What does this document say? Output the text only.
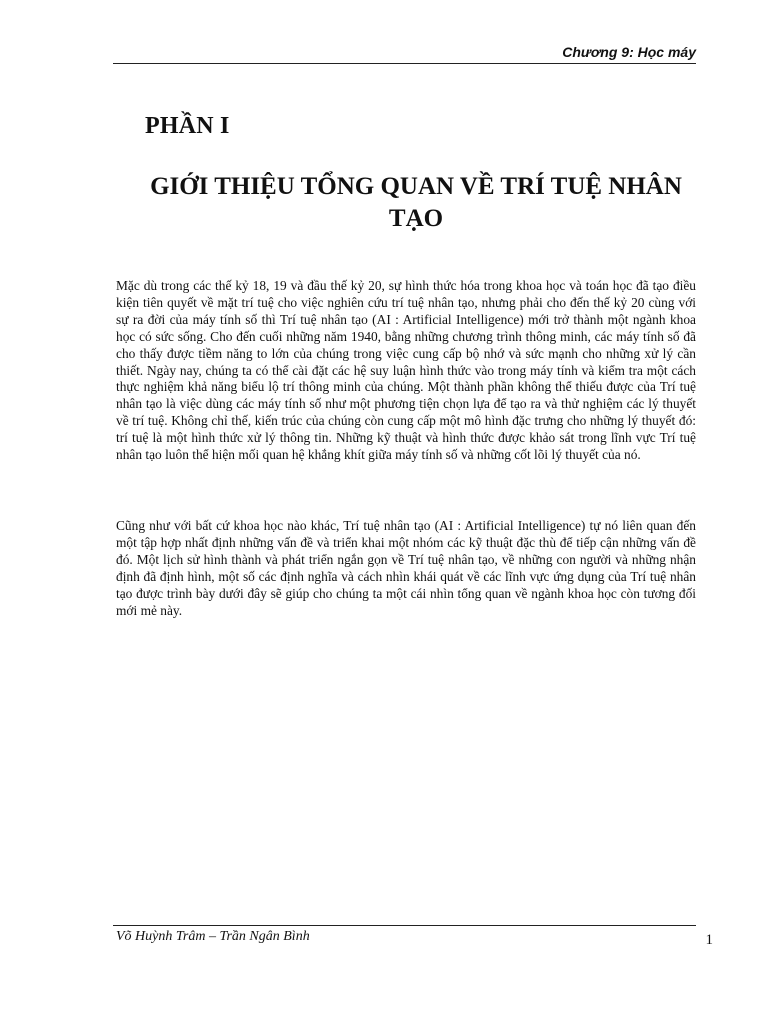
Chương 9: Học máy
PHẦN I
GIỚI THIỆU TỔNG QUAN VỀ TRÍ TUỆ NHÂN TẠO

Mặc dù trong các thế kỷ 18, 19 và đầu thế kỷ 20, sự hình thức hóa trong khoa học và toán học đã tạo điều kiện tiên quyết về mặt trí tuệ cho việc nghiên cứu trí tuệ nhân tạo, nhưng phải cho đến thế kỷ 20 cùng với sự ra đời của máy tính số thì Trí tuệ nhân tạo (AI : Artificial Intelligence) mới trở thành một ngành khoa học có sức sống. Cho đến cuối những năm 1940, bằng những chương trình thông minh, các máy tính số đã cho thấy được tiềm năng to lớn của chúng trong việc cung cấp bộ nhớ và sức mạnh cho những xử lý cần thiết. Ngày nay, chúng ta có thể cài đặt các hệ suy luận hình thức vào trong máy tính và kiểm tra một cách thực nghiệm khả năng biểu lộ trí thông minh của chúng. Một thành phần không thể thiếu được của Trí tuệ nhân tạo là việc dùng các máy tính số như một phương tiện chọn lựa để tạo ra và thử nghiệm các lý thuyết về trí tuệ. Không chỉ thế, kiến trúc của chúng còn cung cấp một mô hình đặc trưng cho những lý thuyết đó: trí tuệ là một hình thức xử lý thông tin. Những kỹ thuật và hình thức được khảo sát trong lĩnh vực Trí tuệ nhân tạo luôn thể hiện mối quan hệ khắng khít giữa máy tính số và những cốt lõi lý thuyết của nó.

Cũng như với bất cứ khoa học nào khác, Trí tuệ nhân tạo (AI : Artificial Intelligence) tự nó liên quan đến một tập hợp nhất định những vấn đề và triển khai một nhóm các kỹ thuật đặc thù để tiếp cận những vấn đề đó. Một lịch sử hình thành và phát triển ngắn gọn về Trí tuệ nhân tạo, về những con người và những nhận định đã định hình, một số các định nghĩa và cách nhìn khái quát về các lĩnh vực ứng dụng của Trí tuệ nhân tạo được trình bày dưới đây sẽ giúp cho chúng ta một cái nhìn tổng quan về ngành khoa học còn tương đối mới mẻ này.

Võ Huỳnh Trâm – Trần Ngân Bình	1
